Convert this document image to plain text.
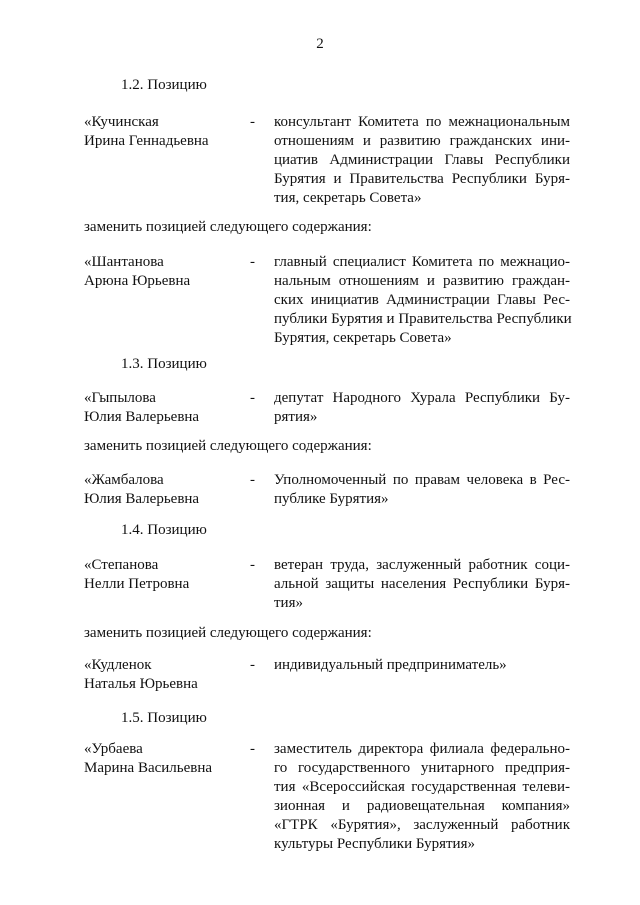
2
1.2. Позицию
«Кучинская
Ирина Геннадьевна
- консультант Комитета по межнациональным
отношениям и развитию гражданских ини-
циатив Администрации Главы Республики
Бурятия и Правительства Республики Буря-
тия, секретарь Совета»
заменить позицией следующего содержания:
«Шантанова
Арюна Юрьевна
- главный специалист Комитета по межнацио-
нальным отношениям и развитию граждан-
ских инициатив Администрации Главы Рес-
публики Бурятия и Правительства Республики
Бурятия, секретарь Совета»
1.3. Позицию
«Гыпылова
Юлия Валерьевна
- депутат Народного Хурала Республики Бу-
рятия»
заменить позицией следующего содержания:
«Жамбалова
Юлия Валерьевна
- Уполномоченный по правам человека в Рес-
публике Бурятия»
1.4. Позицию
«Степанова
Нелли Петровна
- ветеран труда, заслуженный работник соци-
альной защиты населения Республики Буря-
тия»
заменить позицией следующего содержания:
«Кудленок
Наталья Юрьевна
- индивидуальный предприниматель»
1.5. Позицию
«Урбаева
Марина Васильевна
- заместитель директора филиала федерально-
го государственного унитарного предприя-
тия «Всероссийская государственная телеви-
зионная и радиовещательная компания»
«ГТРК «Бурятия», заслуженный работник
культуры Республики Бурятия»
